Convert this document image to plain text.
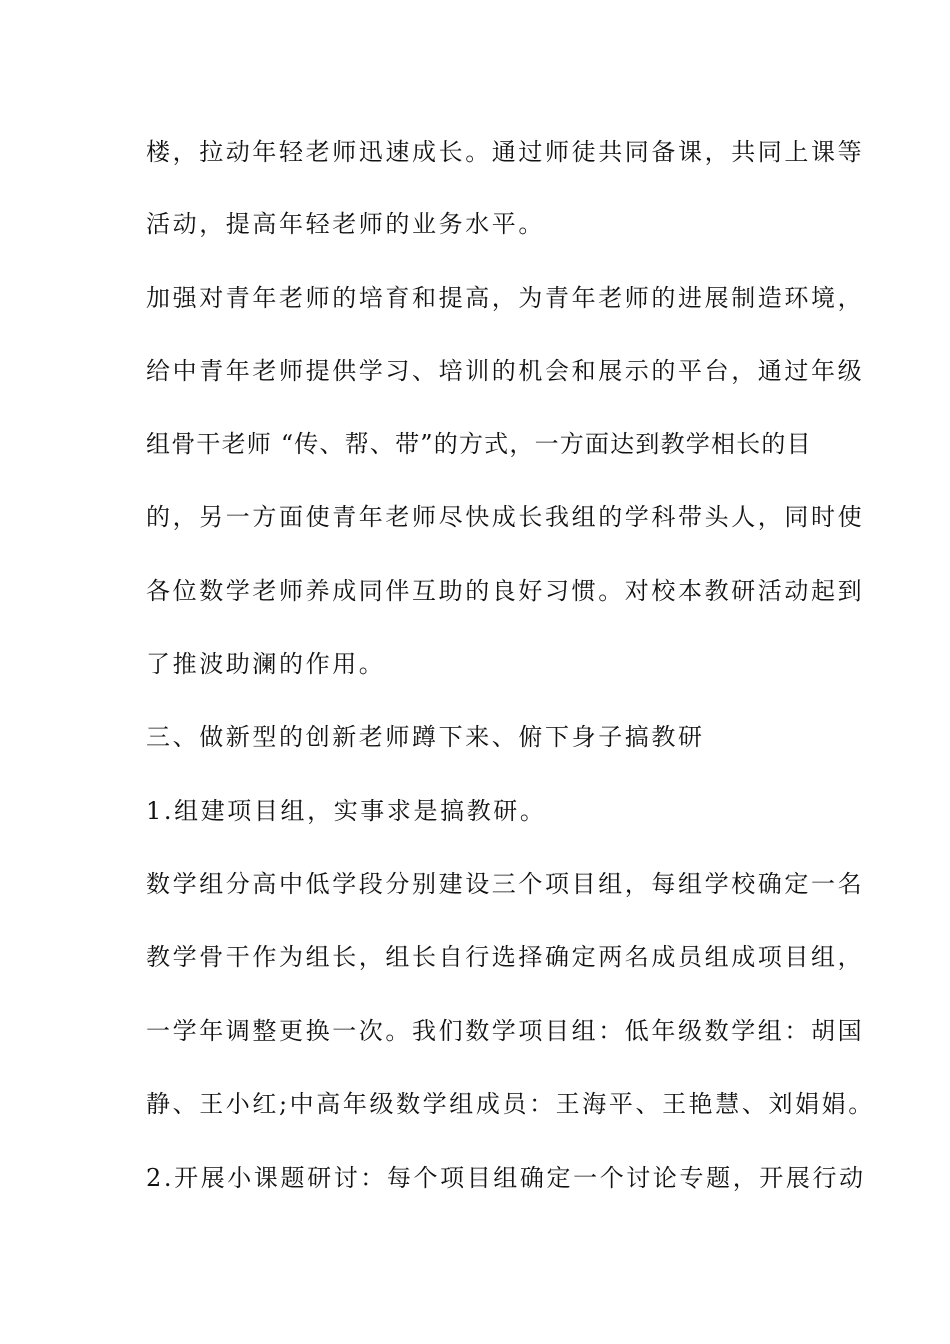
楼，拉动年轻老师迅速成长。通过师徒共同备课，共同上课等
活动，提高年轻老师的业务水平。
加强对青年老师的培育和提高，为青年老师的进展制造环境，
给中青年老师提供学习、培训的机会和展示的平台，通过年级
组骨干老师 “传、帮、带”的方式，一方面达到教学相长的目
的，另一方面使青年老师尽快成长我组的学科带头人，同时使
各位数学老师养成同伴互助的良好习惯。对校本教研活动起到
了推波助澜的作用。
三、做新型的创新老师蹲下来、俯下身子搞教研
1.组建项目组，实事求是搞教研。
数学组分高中低学段分别建设三个项目组，每组学校确定一名
教学骨干作为组长，组长自行选择确定两名成员组成项目组，
一学年调整更换一次。我们数学项目组：低年级数学组：胡国
静、王小红;中高年级数学组成员：王海平、王艳慧、刘娟娟。
2.开展小课题研讨：每个项目组确定一个讨论专题，开展行动
